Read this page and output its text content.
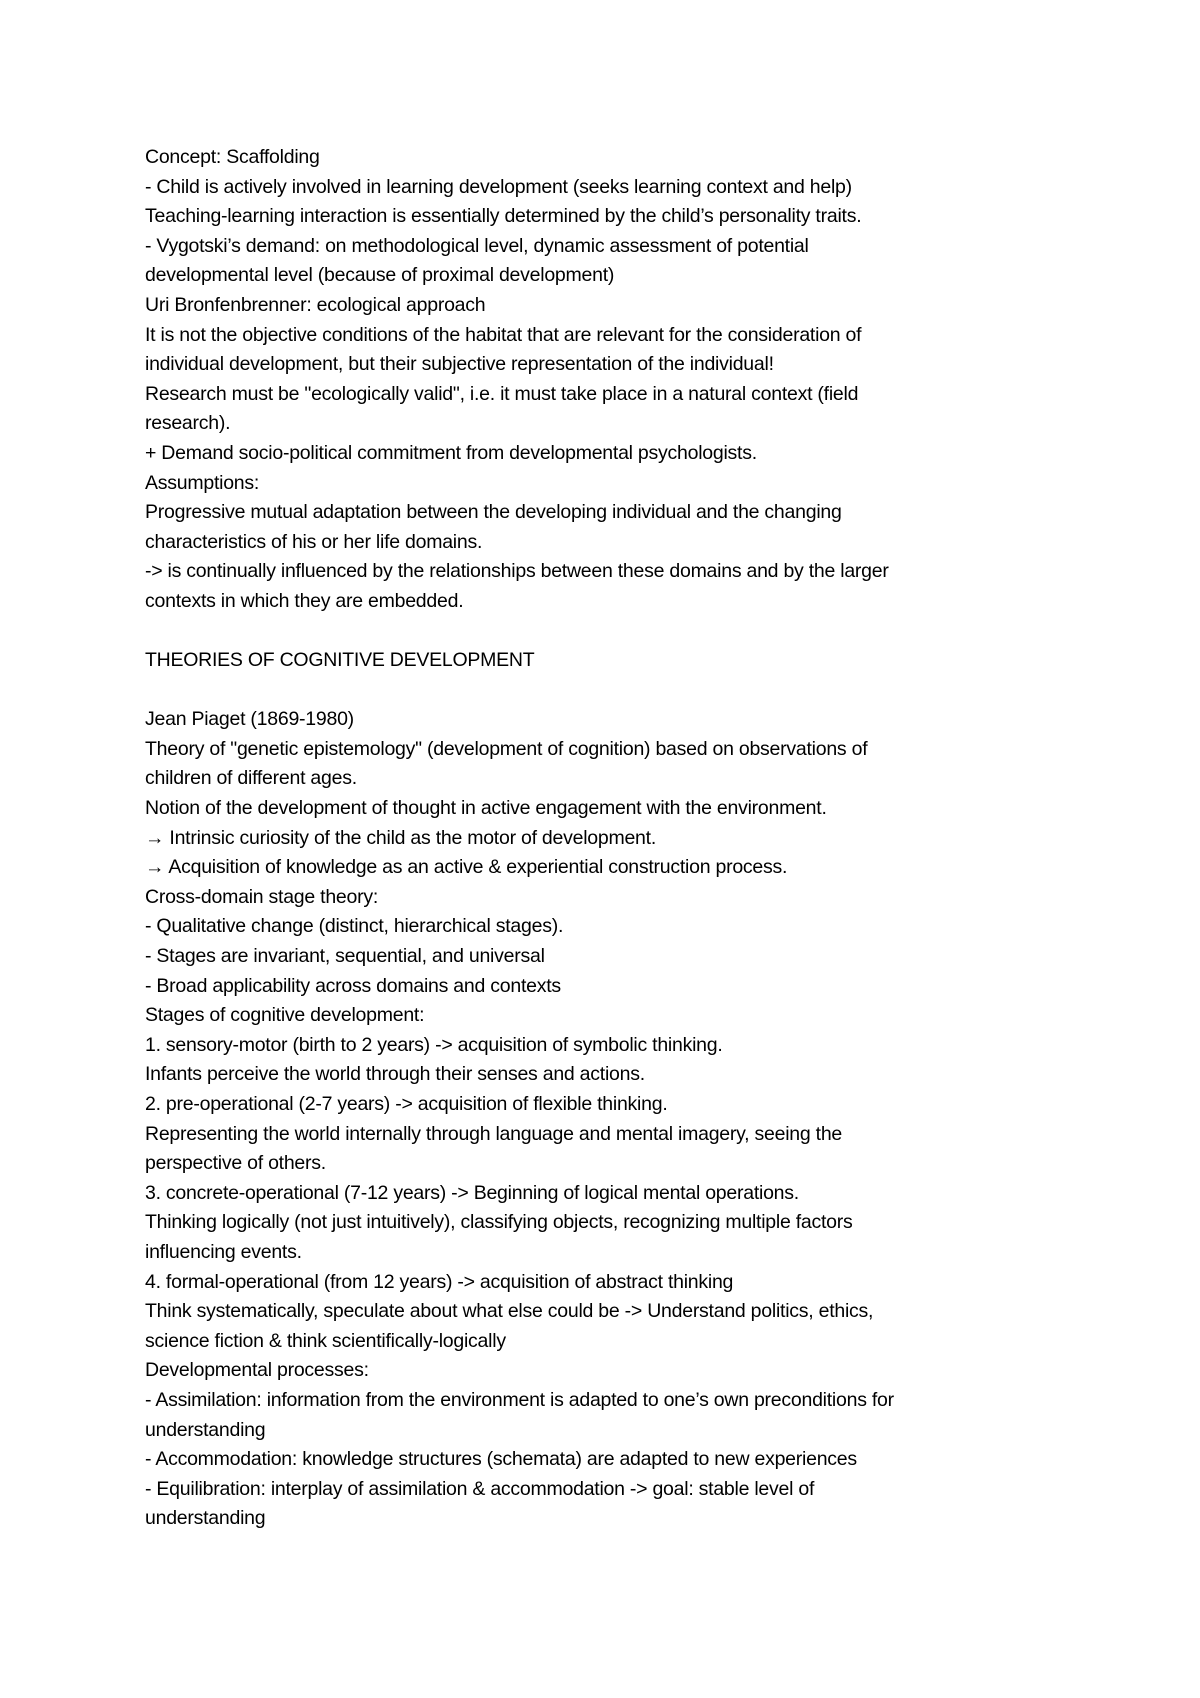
Concept: Scaffolding
- Child is actively involved in learning development (seeks learning context and help)
Teaching-learning interaction is essentially determined by the child’s personality traits.
- Vygotski’s demand: on methodological level, dynamic assessment of potential
developmental level (because of proximal development)
Uri Bronfenbrenner: ecological approach
It is not the objective conditions of the habitat that are relevant for the consideration of
individual development, but their subjective representation of the individual!
Research must be "ecologically valid", i.e. it must take place in a natural context (field
research).
+ Demand socio-political commitment from developmental psychologists.
Assumptions:
Progressive mutual adaptation between the developing individual and the changing
characteristics of his or her life domains.
-> is continually influenced by the relationships between these domains and by the larger
contexts in which they are embedded.
THEORIES OF COGNITIVE DEVELOPMENT
Jean Piaget (1869-1980)
Theory of "genetic epistemology" (development of cognition) based on observations of
children of different ages.
Notion of the development of thought in active engagement with the environment.
→ Intrinsic curiosity of the child as the motor of development.
→ Acquisition of knowledge as an active & experiential construction process.
Cross-domain stage theory:
- Qualitative change (distinct, hierarchical stages).
- Stages are invariant, sequential, and universal
- Broad applicability across domains and contexts
Stages of cognitive development:
1. sensory-motor (birth to 2 years) -> acquisition of symbolic thinking.
Infants perceive the world through their senses and actions.
2. pre-operational (2-7 years) -> acquisition of flexible thinking.
Representing the world internally through language and mental imagery, seeing the
perspective of others.
3. concrete-operational (7-12 years) -> Beginning of logical mental operations.
Thinking logically (not just intuitively), classifying objects, recognizing multiple factors
influencing events.
4. formal-operational (from 12 years) -> acquisition of abstract thinking
Think systematically, speculate about what else could be -> Understand politics, ethics,
science fiction & think scientifically-logically
Developmental processes:
- Assimilation: information from the environment is adapted to one’s own preconditions for
understanding
- Accommodation: knowledge structures (schemata) are adapted to new experiences
- Equilibration: interplay of assimilation & accommodation -> goal: stable level of
understanding
